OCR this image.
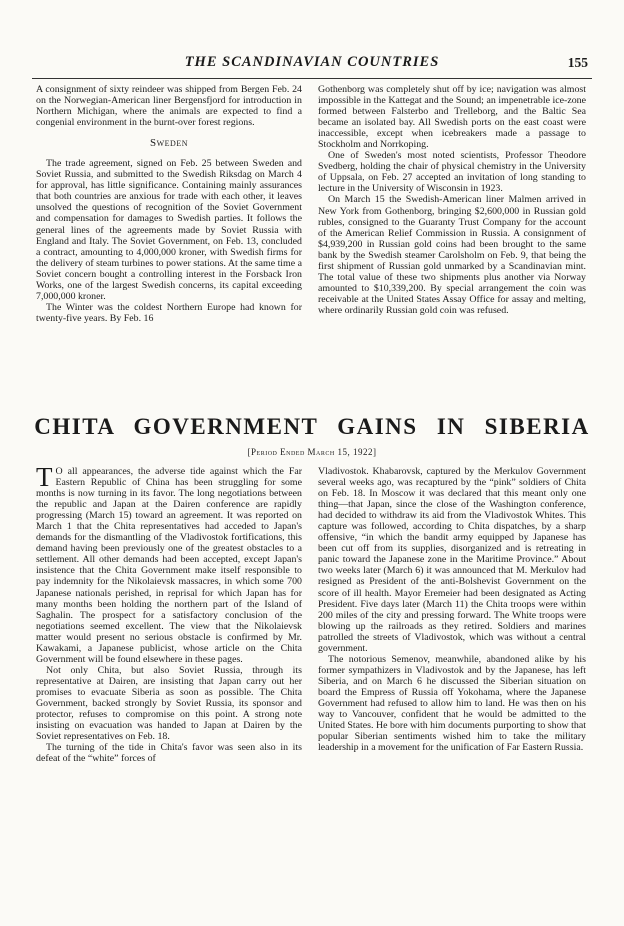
THE SCANDINAVIAN COUNTRIES	155

A consignment of sixty reindeer was shipped from Bergen Feb. 24 on the Norwegian-American liner Bergensfjord for introduction in Northern Michigan, where the animals are expected to find a congenial environment in the burnt-over forest regions.

Sweden

The trade agreement, signed on Feb. 25 between Sweden and Soviet Russia, and submitted to the Swedish Riksdag on March 4 for approval, has little significance. Containing mainly assurances that both countries are anxious for trade with each other, it leaves unsolved the questions of recognition of the Soviet Government and compensation for damages to Swedish parties. It follows the general lines of the agreements made by Soviet Russia with England and Italy. The Soviet Government, on Feb. 13, concluded a contract, amounting to 4,000,000 kroner, with Swedish firms for the delivery of steam turbines to power stations. At the same time a Soviet concern bought a controlling interest in the Forsback Iron Works, one of the largest Swedish concerns, its capital exceeding 7,000,000 kroner.

The Winter was the coldest Northern Europe had known for twenty-five years. By Feb. 16

Gothenborg was completely shut off by ice; navigation was almost impossible in the Kattegat and the Sound; an impenetrable ice-zone formed between Falsterbo and Trelleborg, and the Baltic Sea became an isolated bay. All Swedish ports on the east coast were inaccessible, except when icebreakers made a passage to Stockholm and Norrkoping.

One of Sweden's most noted scientists, Professor Theodore Svedberg, holding the chair of physical chemistry in the University of Uppsala, on Feb. 27 accepted an invitation of long standing to lecture in the University of Wisconsin in 1923.

On March 15 the Swedish-American liner Malmen arrived in New York from Gothenborg, bringing $2,600,000 in Russian gold rubles, consigned to the Guaranty Trust Company for the account of the American Relief Commission in Russia. A consignment of $4,939,200 in Russian gold coins had been brought to the same bank by the Swedish steamer Carolsholm on Feb. 9, that being the first shipment of Russian gold unmarked by a Scandinavian mint. The total value of these two shipments plus another via Norway amounted to $10,339,200. By special arrangement the coin was receivable at the United States Assay Office for assay and melting, where ordinarily Russian gold coin was refused.

CHITA GOVERNMENT GAINS IN SIBERIA
[Period Ended March 15, 1922]

T O all appearances, the adverse tide against which the Far Eastern Republic of China has been struggling for some months is now turning in its favor. The long negotiations between the republic and Japan at the Dairen conference are rapidly progressing (March 15) toward an agreement. It was reported on March 1 that the Chita representatives had acceded to Japan's demands for the dismantling of the Vladivostok fortifications, this demand having been previously one of the greatest obstacles to a settlement. All other demands had been accepted, except Japan's insistence that the Chita Government make itself responsible to pay indemnity for the Nikolaievsk massacres, in which some 700 Japanese nationals perished, in reprisal for which Japan has for many months been holding the northern part of the Island of Saghalin. The prospect for a satisfactory conclusion of the negotiations seemed excellent. The view that the Nikolaievsk matter would present no serious obstacle is confirmed by Mr. Kawakami, a Japanese publicist, whose article on the Chita Government will be found elsewhere in these pages.

Not only Chita, but also Soviet Russia, through its representative at Dairen, are insisting that Japan carry out her promises to evacuate Siberia as soon as possible. The Chita Government, backed strongly by Soviet Russia, its sponsor and protector, refuses to compromise on this point. A strong note insisting on evacuation was handed to Japan at Dairen by the Soviet representatives on Feb. 18.

The turning of the tide in Chita's favor was seen also in its defeat of the “white” forces of

Vladivostok. Khabarovsk, captured by the Merkulov Government several weeks ago, was recaptured by the “pink” soldiers of Chita on Feb. 18. In Moscow it was declared that this meant only one thing—that Japan, since the close of the Washington conference, had decided to withdraw its aid from the Vladivostok Whites. This capture was followed, according to Chita dispatches, by a sharp offensive, “in which the bandit army equipped by Japanese has been cut off from its supplies, disorganized and is retreating in panic toward the Japanese zone in the Maritime Province.” About two weeks later (March 6) it was announced that M. Merkulov had resigned as President of the anti-Bolshevist Government on the score of ill health. Mayor Eremeier had been designated as Acting President. Five days later (March 11) the Chita troops were within 200 miles of the city and pressing forward. The White troops were blowing up the railroads as they retired. Soldiers and marines patrolled the streets of Vladivostok, which was without a central government.

The notorious Semenov, meanwhile, abandoned alike by his former sympathizers in Vladivostok and by the Japanese, has left Siberia, and on March 6 he discussed the Siberian situation on board the Empress of Russia off Yokohama, where the Japanese Government had refused to allow him to land. He was then on his way to Vancouver, confident that he would be admitted to the United States. He bore with him documents purporting to show that popular Siberian sentiments wished him to take the military leadership in a movement for the unification of Far Eastern Russia.
